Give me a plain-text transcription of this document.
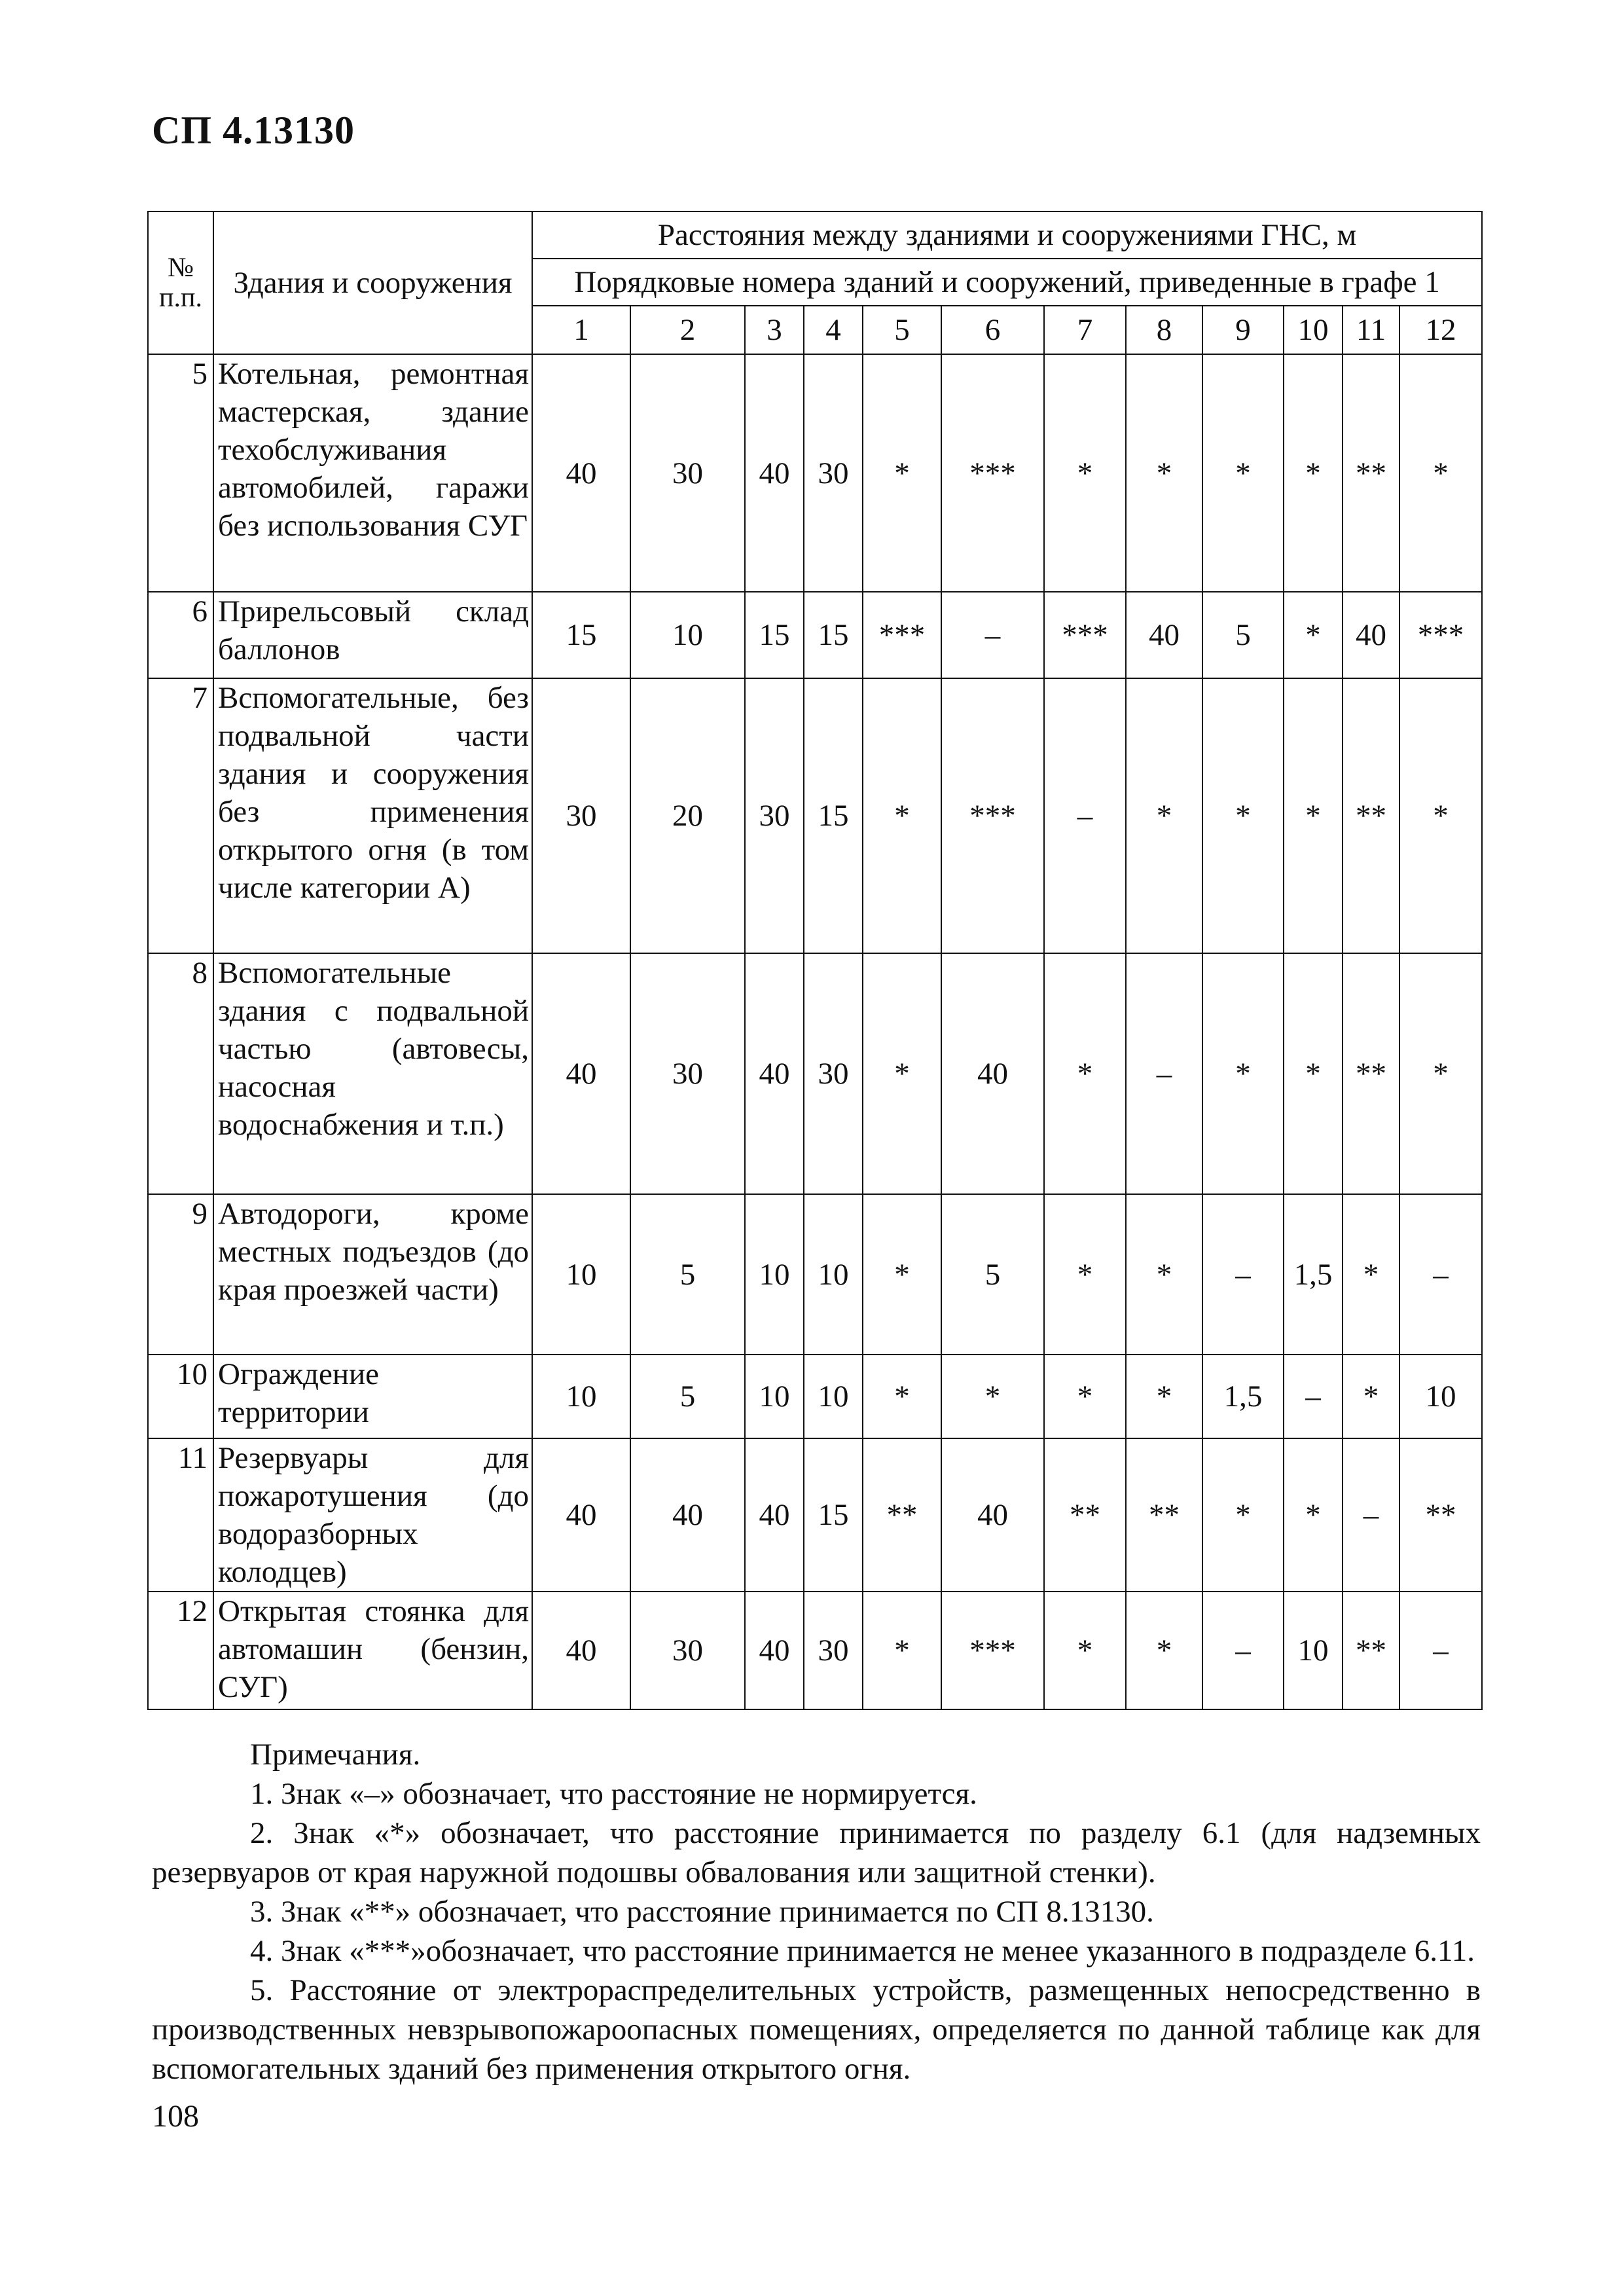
СП 4.13130
№ п.п.	Здания и сооружения	Расстояния между зданиями и сооружениями ГНС, м											
		Порядковые номера зданий и сооружений, приведенные в графе 1											
		1	2	3	4	5	6	7	8	9	10	11	12
5	Котельная, ремонтная мастерская, здание техобслуживания автомобилей, гаражи без использования СУГ	40	30	40	30	*	***	*	*	*	*	**	*
6	Прирельсовый склад баллонов	15	10	15	15	***	–	***	40	5	*	40	***
7	Вспомогательные, без подвальной части здания и сооружения без применения открытого огня (в том числе категории А)	30	20	30	15	*	***	–	*	*	*	**	*
8	Вспомогательные здания с подвальной частью (автовесы, насосная водоснабжения и т.п.)	40	30	40	30	*	40	*	–	*	*	**	*
9	Автодороги, кроме местных подъездов (до края проезжей части)	10	5	10	10	*	5	*	*	–	1,5	*	–
10	Ограждение территории	10	5	10	10	*	*	*	*	1,5	–	*	10
11	Резервуары для пожаротушения (до водоразборных колодцев)	40	40	40	15	**	40	**	**	*	*	–	**
12	Открытая стоянка для автомашин (бензин, СУГ)	40	30	40	30	*	***	*	*	–	10	**	–

Примечания.

1. Знак «–» обозначает, что расстояние не нормируется.

2. Знак «*» обозначает, что расстояние принимается по разделу 6.1 (для надземных резервуаров от края наружной подошвы обвалования или защитной стенки).

3. Знак «**» обозначает, что расстояние принимается по СП 8.13130.

4. Знак «***»обозначает, что расстояние принимается не менее указанного в подразделе 6.11.

5. Расстояние от электрораспределительных устройств, размещенных непосредственно в производственных невзрывопожароопасных помещениях, определяется по данной таблице как для вспомогательных зданий без применения открытого огня.

108
